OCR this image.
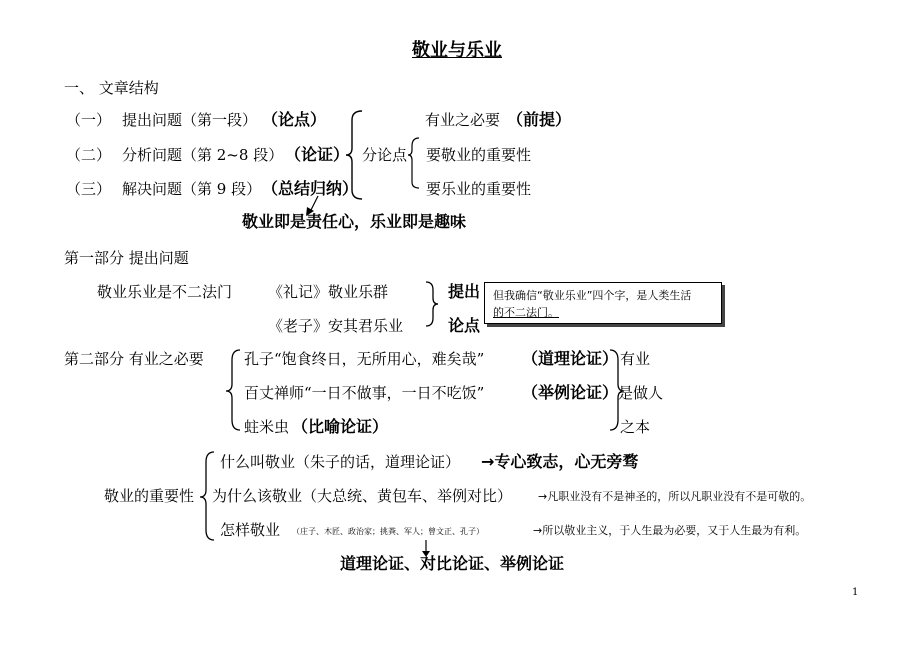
敬业与乐业
一、 文章结构
（一） 提出问题（第一段） （论点）
（二） 分析问题（第 2~8 段） （论证）
（三） 解决问题（第 9 段） （总结归纳）
分论点
有业之必要 （前提）
要敬业的重要性
要乐业的重要性
敬业即是责任心，乐业即是趣味
第一部分 提出问题
敬业乐业是不二法门 《礼记》敬业乐群
《老子》安其君乐业
提出
论点
但我确信“敬业乐业”四个字，是人类生活
的不二法门。
第二部分 有业之必要	孔子“饱食终日，无所用心，难矣哉” （道理论证）
百丈禅师“一日不做事，一日不吃饭” （举例论证）
蛀米虫 （比喻论证）
有业
是做人
之本
敬业的重要性
什么叫敬业（朱子的话，道理论证） →专心致志，心无旁骛
为什么该敬业（大总统、黄包车、举例对比） →凡职业没有不是神圣的，所以凡职业没有不是可敬的。
怎样敬业 （庄子、木匠、政治家；挑粪、军人；曾文正、孔子）	→所以敬业主义，于人生最为必要，又于人生最为有利。
道理论证、对比论证、举例论证
1
